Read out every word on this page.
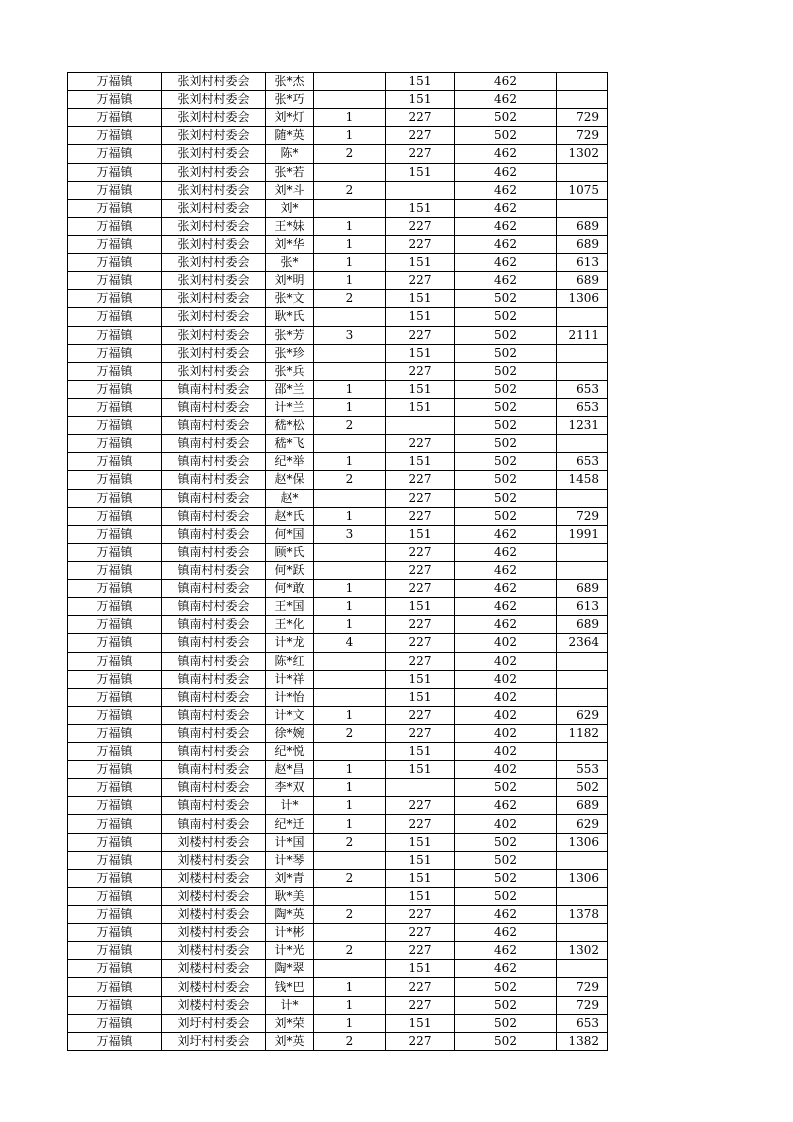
万福镇	张刘村村委会	张*杰		151	462	
万福镇	张刘村村委会	张*巧		151	462	
万福镇	张刘村村委会	刘*灯	1	227	502	729
万福镇	张刘村村委会	随*英	1	227	502	729
万福镇	张刘村村委会	陈*	2	227	462	1302
万福镇	张刘村村委会	张*若		151	462	
万福镇	张刘村村委会	刘*斗	2		462	1075
万福镇	张刘村村委会	刘*		151	462	
万福镇	张刘村村委会	王*妹	1	227	462	689
万福镇	张刘村村委会	刘*华	1	227	462	689
万福镇	张刘村村委会	张*	1	151	462	613
万福镇	张刘村村委会	刘*明	1	227	462	689
万福镇	张刘村村委会	张*文	2	151	502	1306
万福镇	张刘村村委会	耿*氏		151	502	
万福镇	张刘村村委会	张*芳	3	227	502	2111
万福镇	张刘村村委会	张*珍		151	502	
万福镇	张刘村村委会	张*兵		227	502	
万福镇	镇南村村委会	邵*兰	1	151	502	653
万福镇	镇南村村委会	计*兰	1	151	502	653
万福镇	镇南村村委会	嵇*松	2		502	1231
万福镇	镇南村村委会	嵇*飞		227	502	
万福镇	镇南村村委会	纪*举	1	151	502	653
万福镇	镇南村村委会	赵*保	2	227	502	1458
万福镇	镇南村村委会	赵*		227	502	
万福镇	镇南村村委会	赵*氏	1	227	502	729
万福镇	镇南村村委会	何*国	3	151	462	1991
万福镇	镇南村村委会	顾*氏		227	462	
万福镇	镇南村村委会	何*跃		227	462	
万福镇	镇南村村委会	何*敢	1	227	462	689
万福镇	镇南村村委会	王*国	1	151	462	613
万福镇	镇南村村委会	王*化	1	227	462	689
万福镇	镇南村村委会	计*龙	4	227	402	2364
万福镇	镇南村村委会	陈*红		227	402	
万福镇	镇南村村委会	计*祥		151	402	
万福镇	镇南村村委会	计*怡		151	402	
万福镇	镇南村村委会	计*文	1	227	402	629
万福镇	镇南村村委会	徐*婉	2	227	402	1182
万福镇	镇南村村委会	纪*悦		151	402	
万福镇	镇南村村委会	赵*昌	1	151	402	553
万福镇	镇南村村委会	李*双	1		502	502
万福镇	镇南村村委会	计*	1	227	462	689
万福镇	镇南村村委会	纪*迁	1	227	402	629
万福镇	刘楼村村委会	计*国	2	151	502	1306
万福镇	刘楼村村委会	计*琴		151	502	
万福镇	刘楼村村委会	刘*青	2	151	502	1306
万福镇	刘楼村村委会	耿*美		151	502	
万福镇	刘楼村村委会	陶*英	2	227	462	1378
万福镇	刘楼村村委会	计*彬		227	462	
万福镇	刘楼村村委会	计*光	2	227	462	1302
万福镇	刘楼村村委会	陶*翠		151	462	
万福镇	刘楼村村委会	钱*巴	1	227	502	729
万福镇	刘楼村村委会	计*	1	227	502	729
万福镇	刘圩村村委会	刘*荣	1	151	502	653
万福镇	刘圩村村委会	刘*英	2	227	502	1382
